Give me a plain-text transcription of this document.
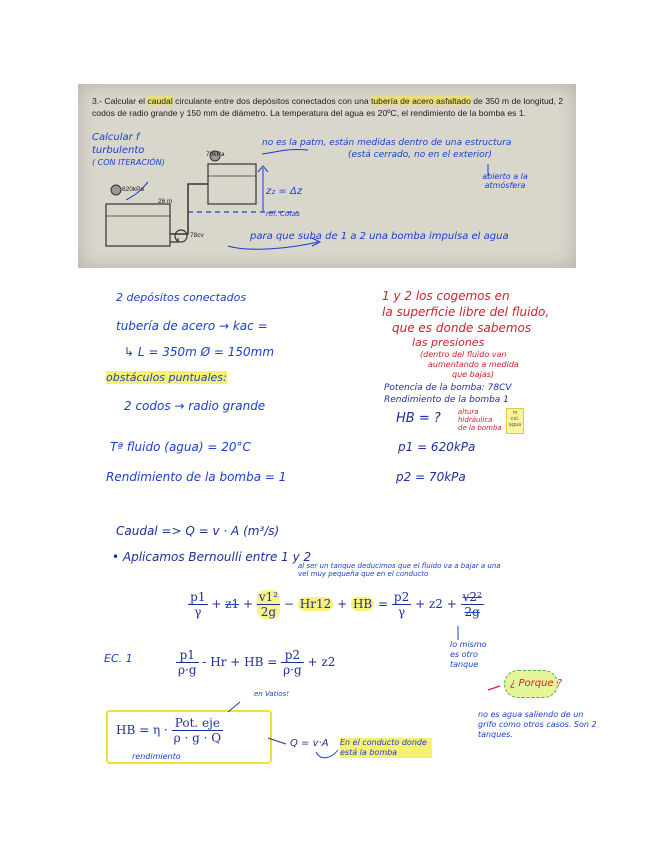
3.- Calcular el caudal circulante entre dos depósitos conectados con una tubería de acero asfaltado de 350 m de longitud, 2 codos de radio grande y 150 mm de diámetro. La temperatura del agua es 20ºC, el rendimiento de la bomba es 1.
70kPa
620kPa
26 m
78cv
z₂ = Δz
ref. Cotas
Calcular f
turbulento
( CON ITERACIÓN)
no es la patm, están medidas dentro de una estructura
(está cerrado, no en el exterior)
abierto a la atmósfera
para que suba de 1 a 2 una bomba impulsa el agua
2 depósitos conectados
tubería de acero → kac =
↳ L = 350m Ø = 150mm
obstáculos puntuales:
2 codos → radio grande
Tª fluido (agua) = 20°C
Rendimiento de la bomba = 1
1 y 2 los cogemos en
la superficie libre del fluido,
que es donde sabemos
las presiones
(dentro del fluido van
aumentando a medida
que bajas)
Potencia de la bomba: 78CV
Rendimiento de la bomba 1
HB = ? altura hidráulica de la bomba
m col. agua
p1 = 620kPa
p2 = 70kPa
Caudal => Q = v · A (m³/s)
• Aplicamos Bernoulli entre 1 y 2
al ser un tanque deducimos que el fluido va a bajar a una vel muy pequeña que en el conducto
$\frac{p1}{\gamma} + z1 + \frac{\text{v1²}}{2g} - Hr12$ + HB = $\frac{p2}{\gamma} + z2 + \frac{\text{v2²}}{2g}$
lo mismo es otro tanque
EC. 1	$\frac{p1}{\rho\cdot g}$ - Hr + HB = $\frac{p2}{\rho\cdot g} + z2$
¿ Porque ?
no es agua saliendo de un grifo como otros casos. Son 2 tanques.
en Vatios!
HB = $\eta \cdot \frac{\text{Pot. eje}}{\rho \cdot g \cdot Q}$
rendimiento
Q = v·A En el conducto donde está la bomba
